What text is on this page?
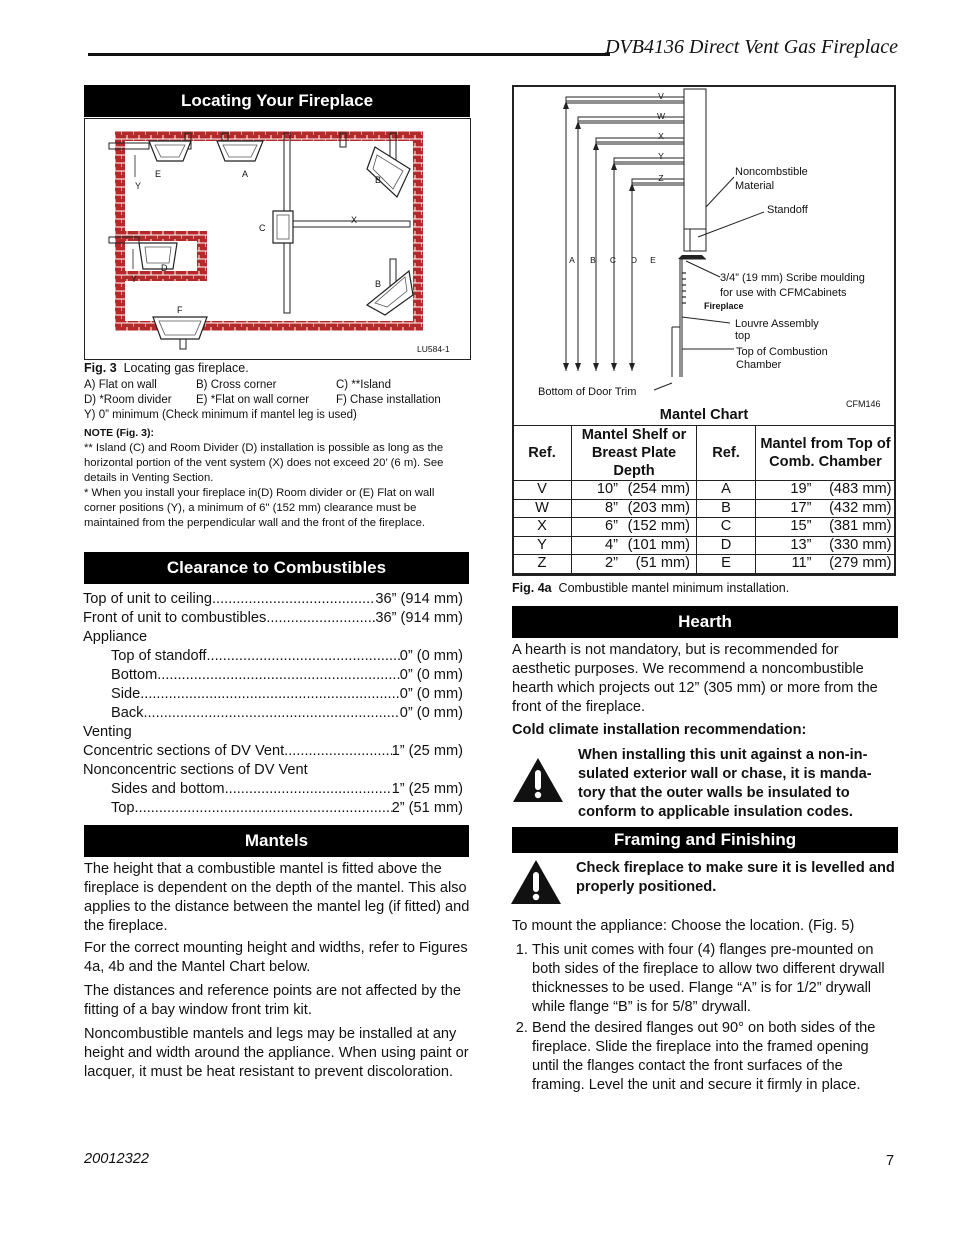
DVB4136 Direct Vent Gas Fireplace
Locating Your Fireplace
E	A
B
C
X
D
B
F
Y
Y
LU584-1
Fig. 3 Locating gas fireplace.
A) Flat on wall	B) Cross corner	C) **Island
D) *Room divider	E) *Flat on wall corner	F) Chase installation
Y) 0” minimum (Check minimum if mantel leg is used)
NOTE (Fig. 3):
** Island (C) and Room Divider (D) installation is possible as long as the horizontal portion of the vent system (X) does not exceed 20’ (6 m). See details in Venting Section.
* When you install your fireplace in(D) Room divider or (E) Flat on wall corner positions (Y), a minimum of 6" (152 mm) clearance must be maintained from the perpendicular wall and the front of the fireplace.
Clearance to Combustibles
Top of unit to ceiling .....	36” (914 mm)
Front of unit to combustibles .....	36” (914 mm)
Appliance
Top of standoff .....	0” (0 mm)
Bottom .....	0” (0 mm)
Side .....	0” (0 mm)
Back .....	0” (0 mm)
Venting
Concentric sections of DV Vent .....	1” (25 mm)
Nonconcentric sections of DV Vent
Sides and bottom .....	1” (25 mm)
Top .....	2” (51 mm)
Mantels
The height that a combustible mantel is fitted above the fireplace is dependent on the depth of the mantel. This also applies to the distance between the mantel leg (if fitted) and the fireplace.
For the correct mounting height and widths, refer to Figures 4a, 4b and the Mantel Chart below.
The distances and reference points are not affected by the fitting of a bay window front trim kit.
Noncombustible mantels and legs may be installed at any height and width around the appliance. When using paint or lacquer, it must be heat resistant to prevent discoloration.
V
W
X
Y
Z
A B C D E
Noncombstible Material
Standoff
3/4” (19 mm) Scribe moulding for use with CFMCabinets
Fireplace
Louvre Assembly top
Top of Combustion Chamber
Bottom of Door Trim
CFM146
Mantel Chart
Ref.	Mantel Shelf or Breast Plate Depth	Ref.	Mantel from Top of Comb. Chamber
V	10” (254 mm)	A	19” (483 mm)
W	8” (203 mm)	B	17” (432 mm)
X	6” (152 mm)	C	15” (381 mm)
Y	4” (101 mm)	D	13” (330 mm)
Z	2” (51 mm)	E	11” (279 mm)
Fig. 4a Combustible mantel minimum installation.
Hearth
A hearth is not mandatory, but is recommended for aesthetic purposes. We recommend a noncombustible hearth which projects out 12” (305 mm) or more from the front of the fireplace.
Cold climate installation recommendation:
When installing this unit against a non-in-sulated exterior wall or chase, it is manda-tory that the outer walls be insulated to conform to applicable insulation codes.
Framing and Finishing
Check fireplace to make sure it is levelled and properly positioned.
To mount the appliance: Choose the location. (Fig. 5)
1. This unit comes with four (4) flanges pre-mounted on both sides of the fireplace to allow two different drywall thicknesses to be used. Flange “A” is for 1/2” drywall while flange “B” is for 5/8” drywall.
2. Bend the desired flanges out 90° on both sides of the fireplace. Slide the fireplace into the framed opening until the flanges contact the front surfaces of the framing. Level the unit and secure it firmly in place.
20012322	7
